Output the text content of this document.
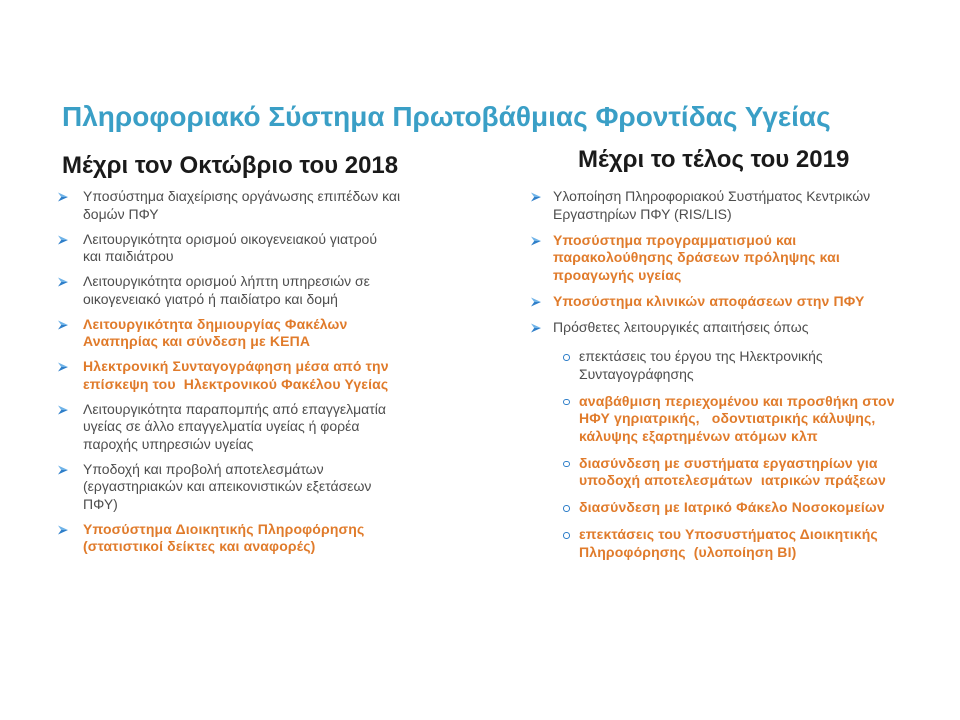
Πληροφοριακό Σύστημα Πρωτοβάθμιας Φροντίδας Υγείας
Μέχρι τον Οκτώβριο του 2018	Μέχρι το τέλος του 2019
Υποσύστημα διαχείρισης οργάνωσης επιπέδων και
δομών ΠΦΥ
Λειτουργικότητα ορισμού οικογενειακού γιατρού
και παιδιάτρου
Λειτουργικότητα ορισμού λήπτη υπηρεσιών σε
οικογενειακό γιατρό ή παιδίατρο και δομή
Λειτουργικότητα δημιουργίας Φακέλων
Αναπηρίας και σύνδεση με ΚΕΠΑ
Ηλεκτρονική Συνταγογράφηση μέσα από την
επίσκεψη του  Ηλεκτρονικού Φακέλου Υγείας
Λειτουργικότητα παραπομπής από επαγγελματία
υγείας σε άλλο επαγγελματία υγείας ή φορέα
παροχής υπηρεσιών υγείας
Υποδοχή και προβολή αποτελεσμάτων
(εργαστηριακών και απεικονιστικών εξετάσεων
ΠΦΥ)
Υποσύστημα Διοικητικής Πληροφόρησης
(στατιστικοί δείκτες και αναφορές)
Υλοποίηση Πληροφοριακού Συστήματος Κεντρικών
Εργαστηρίων ΠΦΥ (RIS/LIS)
Υποσύστημα προγραμματισμού και
παρακολούθησης δράσεων πρόληψης και
προαγωγής υγείας
Υποσύστημα κλινικών αποφάσεων στην ΠΦΥ
Πρόσθετες λειτουργικές απαιτήσεις όπως
επεκτάσεις του έργου της Ηλεκτρονικής
Συνταγογράφησης
αναβάθμιση περιεχομένου και προσθήκη στον
ΗΦΥ γηριατρικής,   οδοντιατρικής κάλυψης,
κάλυψης εξαρτημένων ατόμων κλπ
διασύνδεση με συστήματα εργαστηρίων για
υποδοχή αποτελεσμάτων  ιατρικών πράξεων
διασύνδεση με Ιατρικό Φάκελο Νοσοκομείων
επεκτάσεις του Υποσυστήματος Διοικητικής
Πληροφόρησης  (υλοποίηση BI)
